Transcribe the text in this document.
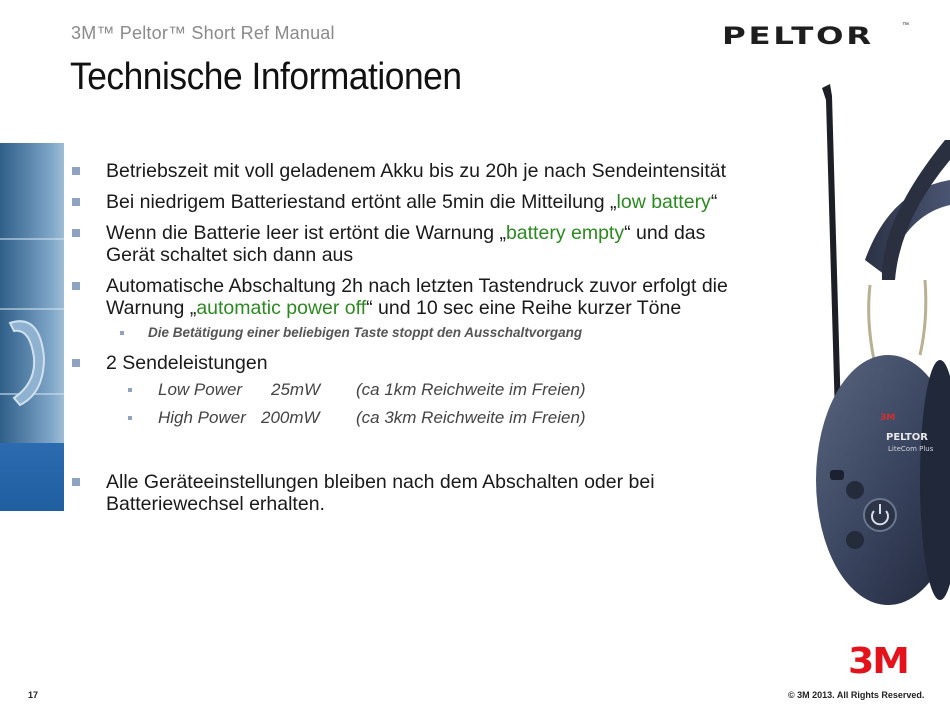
3M™ Peltor™ Short Ref Manual
Technische Informationen
PELTOR	™
Betriebszeit mit voll geladenem Akku bis zu 20h je nach Sendeintensität
Bei niedrigem Batteriestand ertönt alle 5min die Mitteilung „low battery“
Wenn die Batterie leer ist ertönt die Warnung „battery empty“ und das Gerät schaltet sich dann aus
Automatische Abschaltung 2h nach letzten Tastendruck zuvor erfolgt die Warnung „automatic power off“ und 10 sec eine Reihe kurzer Töne
Die Betätigung einer beliebigen Taste stoppt den Ausschaltvorgang
2 Sendeleistungen
Low Power 25mW (ca 1km Reichweite im Freien)
High Power 200mW (ca 3km Reichweite im Freien)
Alle Geräteeinstellungen bleiben nach dem Abschalten oder bei Batteriewechsel erhalten.
3M
PELTOR
LiteCom Plus
3M
17	© 3M 2013. All Rights Reserved.
